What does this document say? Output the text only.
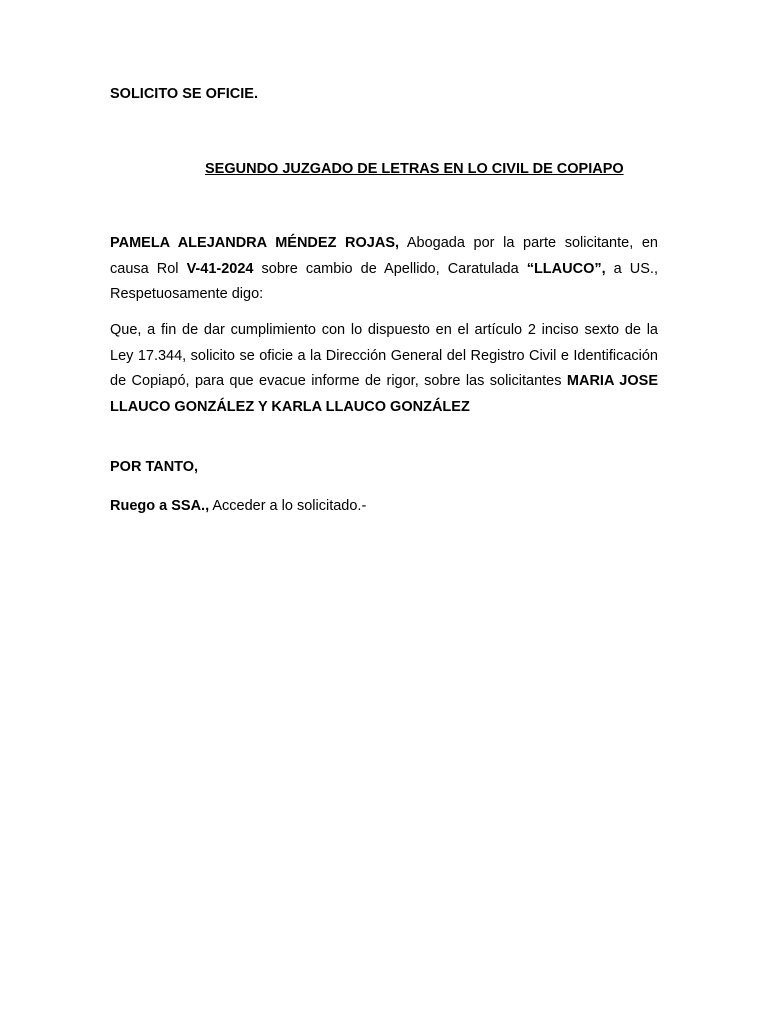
SOLICITO SE OFICIE.

SEGUNDO JUZGADO DE LETRAS EN LO CIVIL DE COPIAPO

PAMELA ALEJANDRA MÉNDEZ ROJAS, Abogada por la parte solicitante, en causa Rol V-41-2024 sobre cambio de Apellido, Caratulada “LLAUCO”, a US., Respetuosamente digo:

Que, a fin de dar cumplimiento con lo dispuesto en el artículo 2 inciso sexto de la Ley 17.344, solicito se oficie a la Dirección General del Registro Civil e Identificación de Copiapó, para que evacue informe de rigor, sobre las solicitantes MARIA JOSE LLAUCO GONZÁLEZ Y KARLA LLAUCO GONZÁLEZ

POR TANTO,

Ruego a SSA., Acceder a lo solicitado.-
